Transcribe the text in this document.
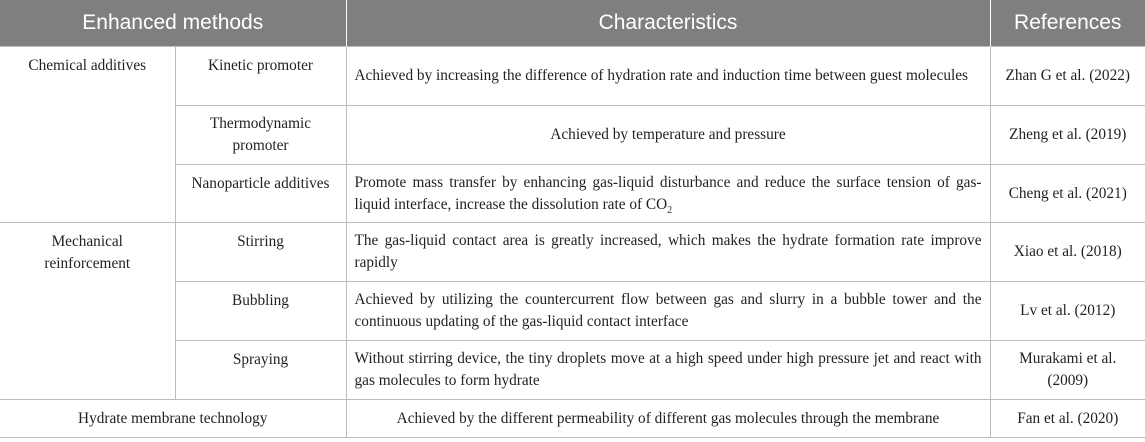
Enhanced methods		Characteristics	References
Chemical additives	Kinetic promoter	Achieved by increasing the difference of hydration rate and induction time between guest molecules	Zhan G et al. (2022)
	Thermodynamic promoter	Achieved by temperature and pressure	Zheng et al. (2019)
	Nanoparticle additives	Promote mass transfer by enhancing gas-liquid disturbance and reduce the surface tension of gas-liquid interface, increase the dissolution rate of $CO_2$	Cheng et al. (2021)
Mechanical reinforcement	Stirring	The gas-liquid contact area is greatly increased, which makes the hydrate formation rate improve rapidly	Xiao et al. (2018)
	Bubbling	Achieved by utilizing the countercurrent flow between gas and slurry in a bubble tower and the continuous updating of the gas-liquid contact interface	Lv et al. (2012)
	Spraying	Without stirring device, the tiny droplets move at a high speed under high pressure jet and react with gas molecules to form hydrate	Murakami et al. (2009)
Hydrate membrane technology		Achieved by the different permeability of different gas molecules through the membrane	Fan et al. (2020)
